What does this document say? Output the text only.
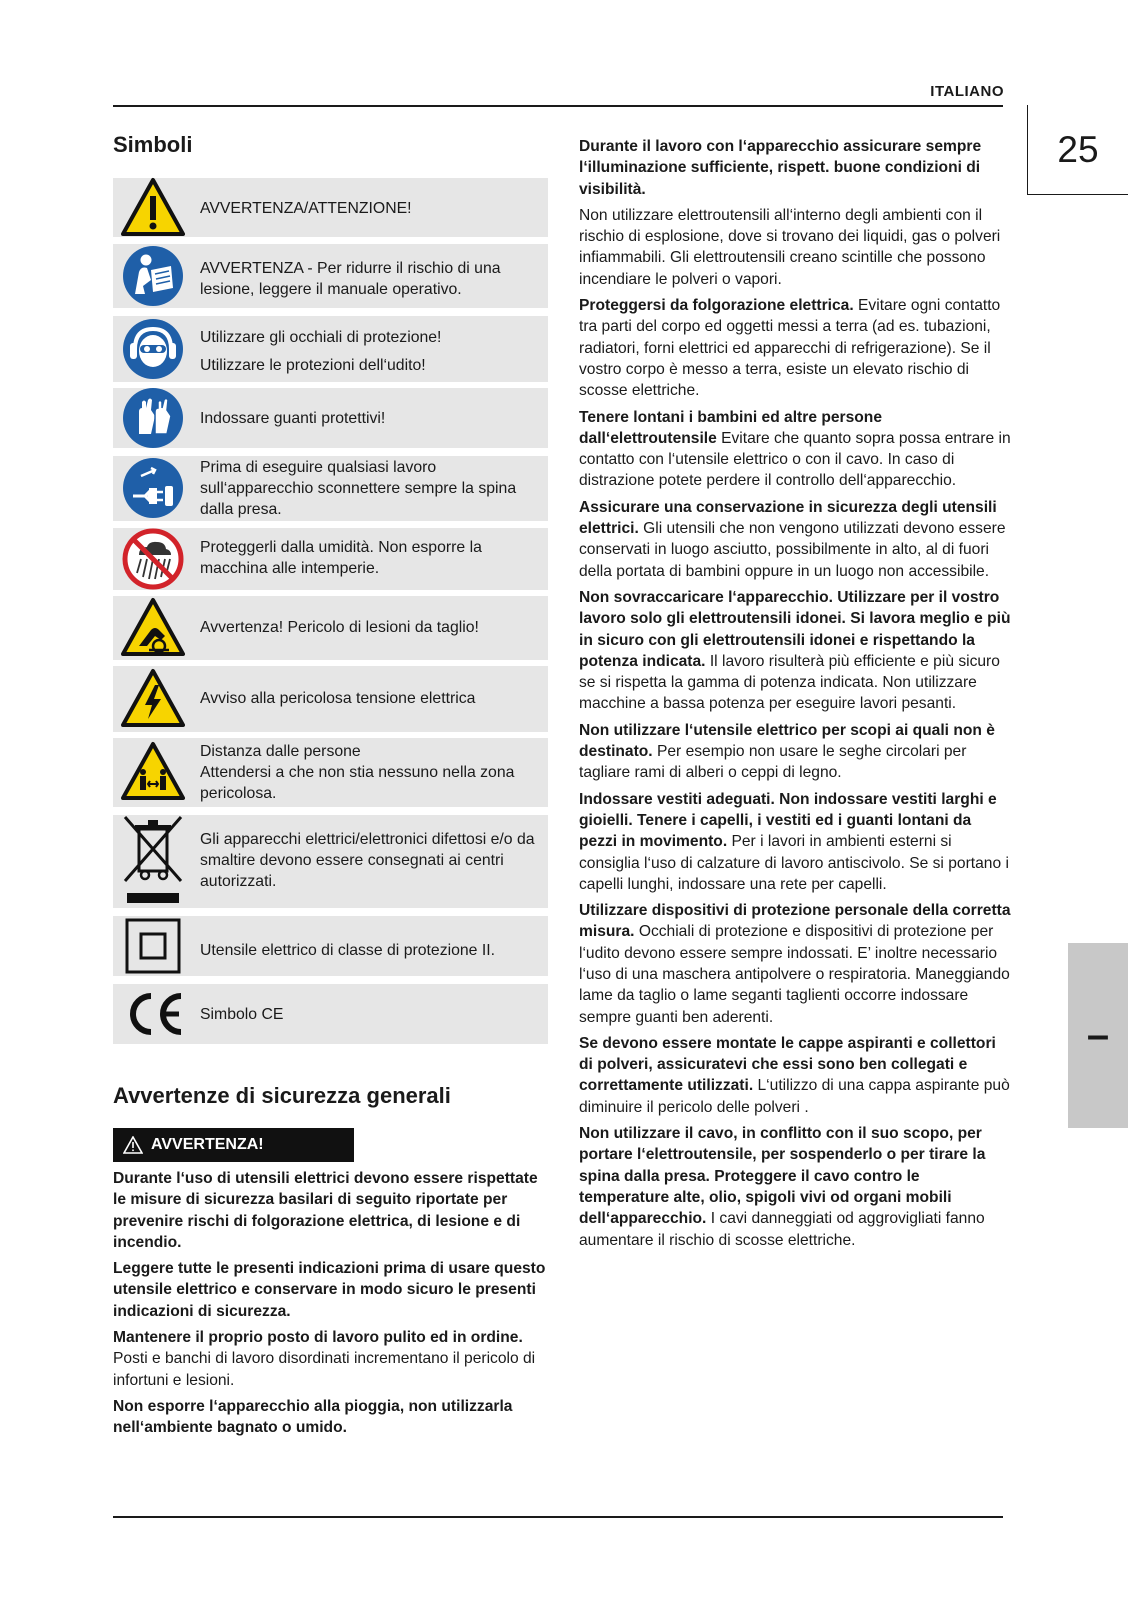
ITALIANO
25
–
Simboli
AVVERTENZA/ATTENZIONE!
AVVERTENZA - Per ridurre il rischio di una lesione, leggere il manuale operativo.
Utilizzare gli occhiali di protezione!
Utilizzare le protezioni dell‘udito!
Indossare guanti protettivi!
Prima di eseguire qualsiasi lavoro sull‘apparecchio sconnettere sempre la spina dalla presa.
Proteggerli dalla umidità. Non esporre la macchina alle intemperie.
Avvertenza! Pericolo di lesioni da taglio!
Avviso alla pericolosa tensione elettrica
Distanza dalle persone
Attendersi a che non stia nessuno nella zona pericolosa.
Gli apparecchi elettrici/elettronici difettosi e/o da smaltire devono essere consegnati ai centri autorizzati.
Utensile elettrico di classe di protezione II.
Simbolo CE
Avvertenze di sicurezza generali
AVVERTENZA!

Durante l‘uso di utensili elettrici devono essere rispettate le misure di sicurezza basilari di seguito riportate per prevenire rischi di folgorazione elettrica, di lesione e di incendio.

Leggere tutte le presenti indicazioni prima di usare questo utensile elettrico e conservare in modo sicuro le presenti indicazioni di sicurezza.

Mantenere il proprio posto di lavoro pulito ed in ordine. Posti e banchi di lavoro disordinati incrementano il pericolo di infortuni e lesioni.

Non esporre l‘apparecchio alla pioggia, non utilizzarla nell‘ambiente bagnato o umido.

Durante il lavoro con l‘apparecchio assicurare sempre l‘illuminazione sufficiente, rispett. buone condizioni di visibilità.

Non utilizzare elettroutensili all‘interno degli ambienti con il rischio di esplosione, dove si trovano dei liquidi, gas o polveri infiammabili. Gli elettroutensili creano scintille che possono incendiare le polveri o vapori.

Proteggersi da folgorazione elettrica. Evitare ogni contatto tra parti del corpo ed oggetti messi a terra (ad es. tubazioni, radiatori, forni elettrici ed apparecchi di refrigerazione). Se il vostro corpo è messo a terra, esiste un elevato rischio di scosse elettriche.

Tenere lontani i bambini ed altre persone dall‘elettroutensile Evitare che quanto sopra possa entrare in contatto con l‘utensile elettrico o con il cavo. In caso di distrazione potete perdere il controllo dell‘apparecchio.

Assicurare una conservazione in sicurezza degli utensili elettrici. Gli utensili che non vengono utilizzati devono essere conservati in luogo asciutto, possibilmente in alto, al di fuori della portata di bambini oppure in un luogo non accessibile.

Non sovraccaricare l‘apparecchio. Utilizzare per il vostro lavoro solo gli elettroutensili idonei. Si lavora meglio e più in sicuro con gli elettroutensili idonei e rispettando la potenza indicata. Il lavoro risulterà più efficiente e più sicuro se si rispetta la gamma di potenza indicata. Non utilizzare macchine a bassa potenza per eseguire lavori pesanti.

Non utilizzare l‘utensile elettrico per scopi ai quali non è destinato. Per esempio non usare le seghe circolari per tagliare rami di alberi o ceppi di legno.

Indossare vestiti adeguati. Non indossare vestiti larghi e gioielli. Tenere i capelli, i vestiti ed i guanti lontani da pezzi in movimento. Per i lavori in ambienti esterni si consiglia l‘uso di calzature di lavoro antiscivolo. Se si portano i capelli lunghi, indossare una rete per capelli.

Utilizzare dispositivi di protezione personale della corretta misura. Occhiali di protezione e dispositivi di protezione per l‘udito devono essere sempre indossati. E’ inoltre necessario l‘uso di una maschera antipolvere o respiratoria. Maneggiando lame da taglio o lame seganti taglienti occorre indossare sempre guanti ben aderenti.

Se devono essere montate le cappe aspiranti e collettori di polveri, assicuratevi che essi sono ben collegati e correttamente utilizzati. L‘utilizzo di una cappa aspirante può diminuire il pericolo delle polveri .

Non utilizzare il cavo, in conflitto con il suo scopo, per portare l‘elettroutensile, per sospenderlo o per tirare la spina dalla presa. Proteggere il cavo contro le temperature alte, olio, spigoli vivi od organi mobili dell‘apparecchio. I cavi danneggiati od aggrovigliati fanno aumentare il rischio di scosse elettriche.
